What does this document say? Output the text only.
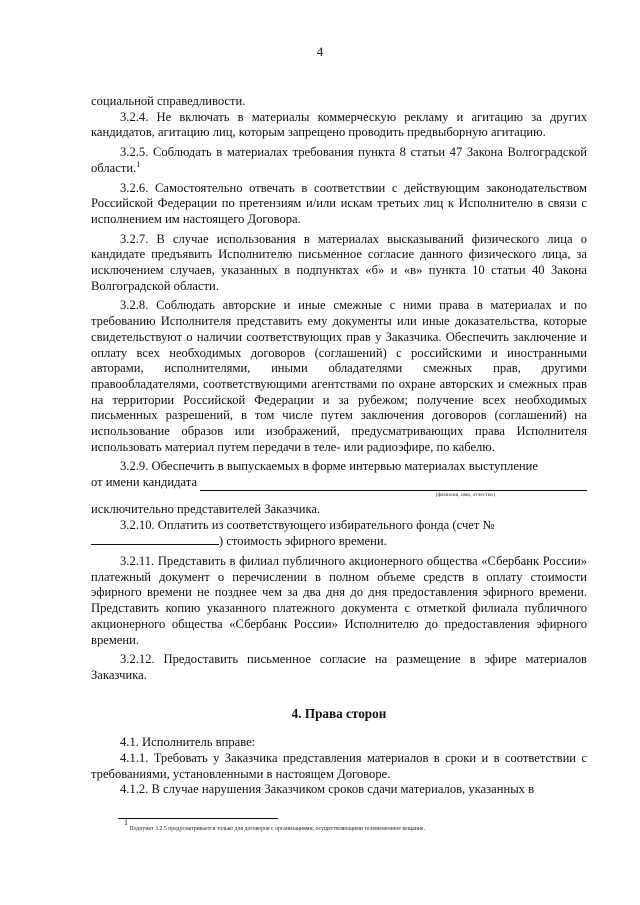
4

социальной справедливости.

3.2.4. Не включать в материалы коммерческую рекламу и агитацию за других кандидатов, агитацию лиц, которым запрещено проводить предвыборную агитацию.

3.2.5. Соблюдать в материалах требования пункта 8 статьи 47 Закона Волгоградской области.$^1$

3.2.6. Самостоятельно отвечать в соответствии с действующим законодательством Российской Федерации по претензиям и/или искам третьих лиц к Исполнителю в связи с исполнением им настоящего Договора.

3.2.7. В случае использования в материалах высказываний физического лица о кандидате предъявить Исполнителю письменное согласие данного физического лица, за исключением случаев, указанных в подпунктах «б» и «в» пункта 10 статьи 40 Закона Волгоградской области.

3.2.8. Соблюдать авторские и иные смежные с ними права в материалах и по требованию Исполнителя представить ему документы или иные доказательства, которые свидетельствуют о наличии соответствующих прав у Заказчика. Обеспечить заключение и оплату всех необходимых договоров (соглашений) с российскими и иностранными авторами, исполнителями, иными обладателями смежных прав, другими правообладателями, соответствующими агентствами по охране авторских и смежных прав на территории Российской Федерации и за рубежом; получение всех необходимых письменных разрешений, в том числе путем заключения договоров (соглашений) на использование образов или изображений, предусматривающих права Исполнителя использовать материал путем передачи в теле- или радиоэфире, по кабелю.

3.2.9. Обеспечить в выпускаемых в форме интервью материалах выступление

от имени кандидата
(фамилия, имя, отчество)

исключительно представителей Заказчика.

3.2.10. Оплатить из соответствующего избирательного фонда (счет №
) стоимость эфирного времени.

3.2.11. Представить в филиал публичного акционерного общества «Сбербанк России» платежный документ о перечислении в полном объеме средств в оплату стоимости эфирного времени не позднее чем за два дня до дня предоставления эфирного времени. Представить копию указанного платежного документа с отметкой филиала публичного акционерного общества «Сбербанк России» Исполнителю до предоставления эфирного времени.

3.2.12. Предоставить письменное согласие на размещение в эфире материалов Заказчика.

4. Права сторон

4.1. Исполнитель вправе:

4.1.1. Требовать у Заказчика представления материалов в сроки и в соответствии с требованиями, установленными в настоящем Договоре.

4.1.2. В случае нарушения Заказчиком сроков сдачи материалов, указанных в

$^1$ Подпункт 3.2.5 предусматривается только для договоров с организациями, осуществляющими телевизионное вещание.
